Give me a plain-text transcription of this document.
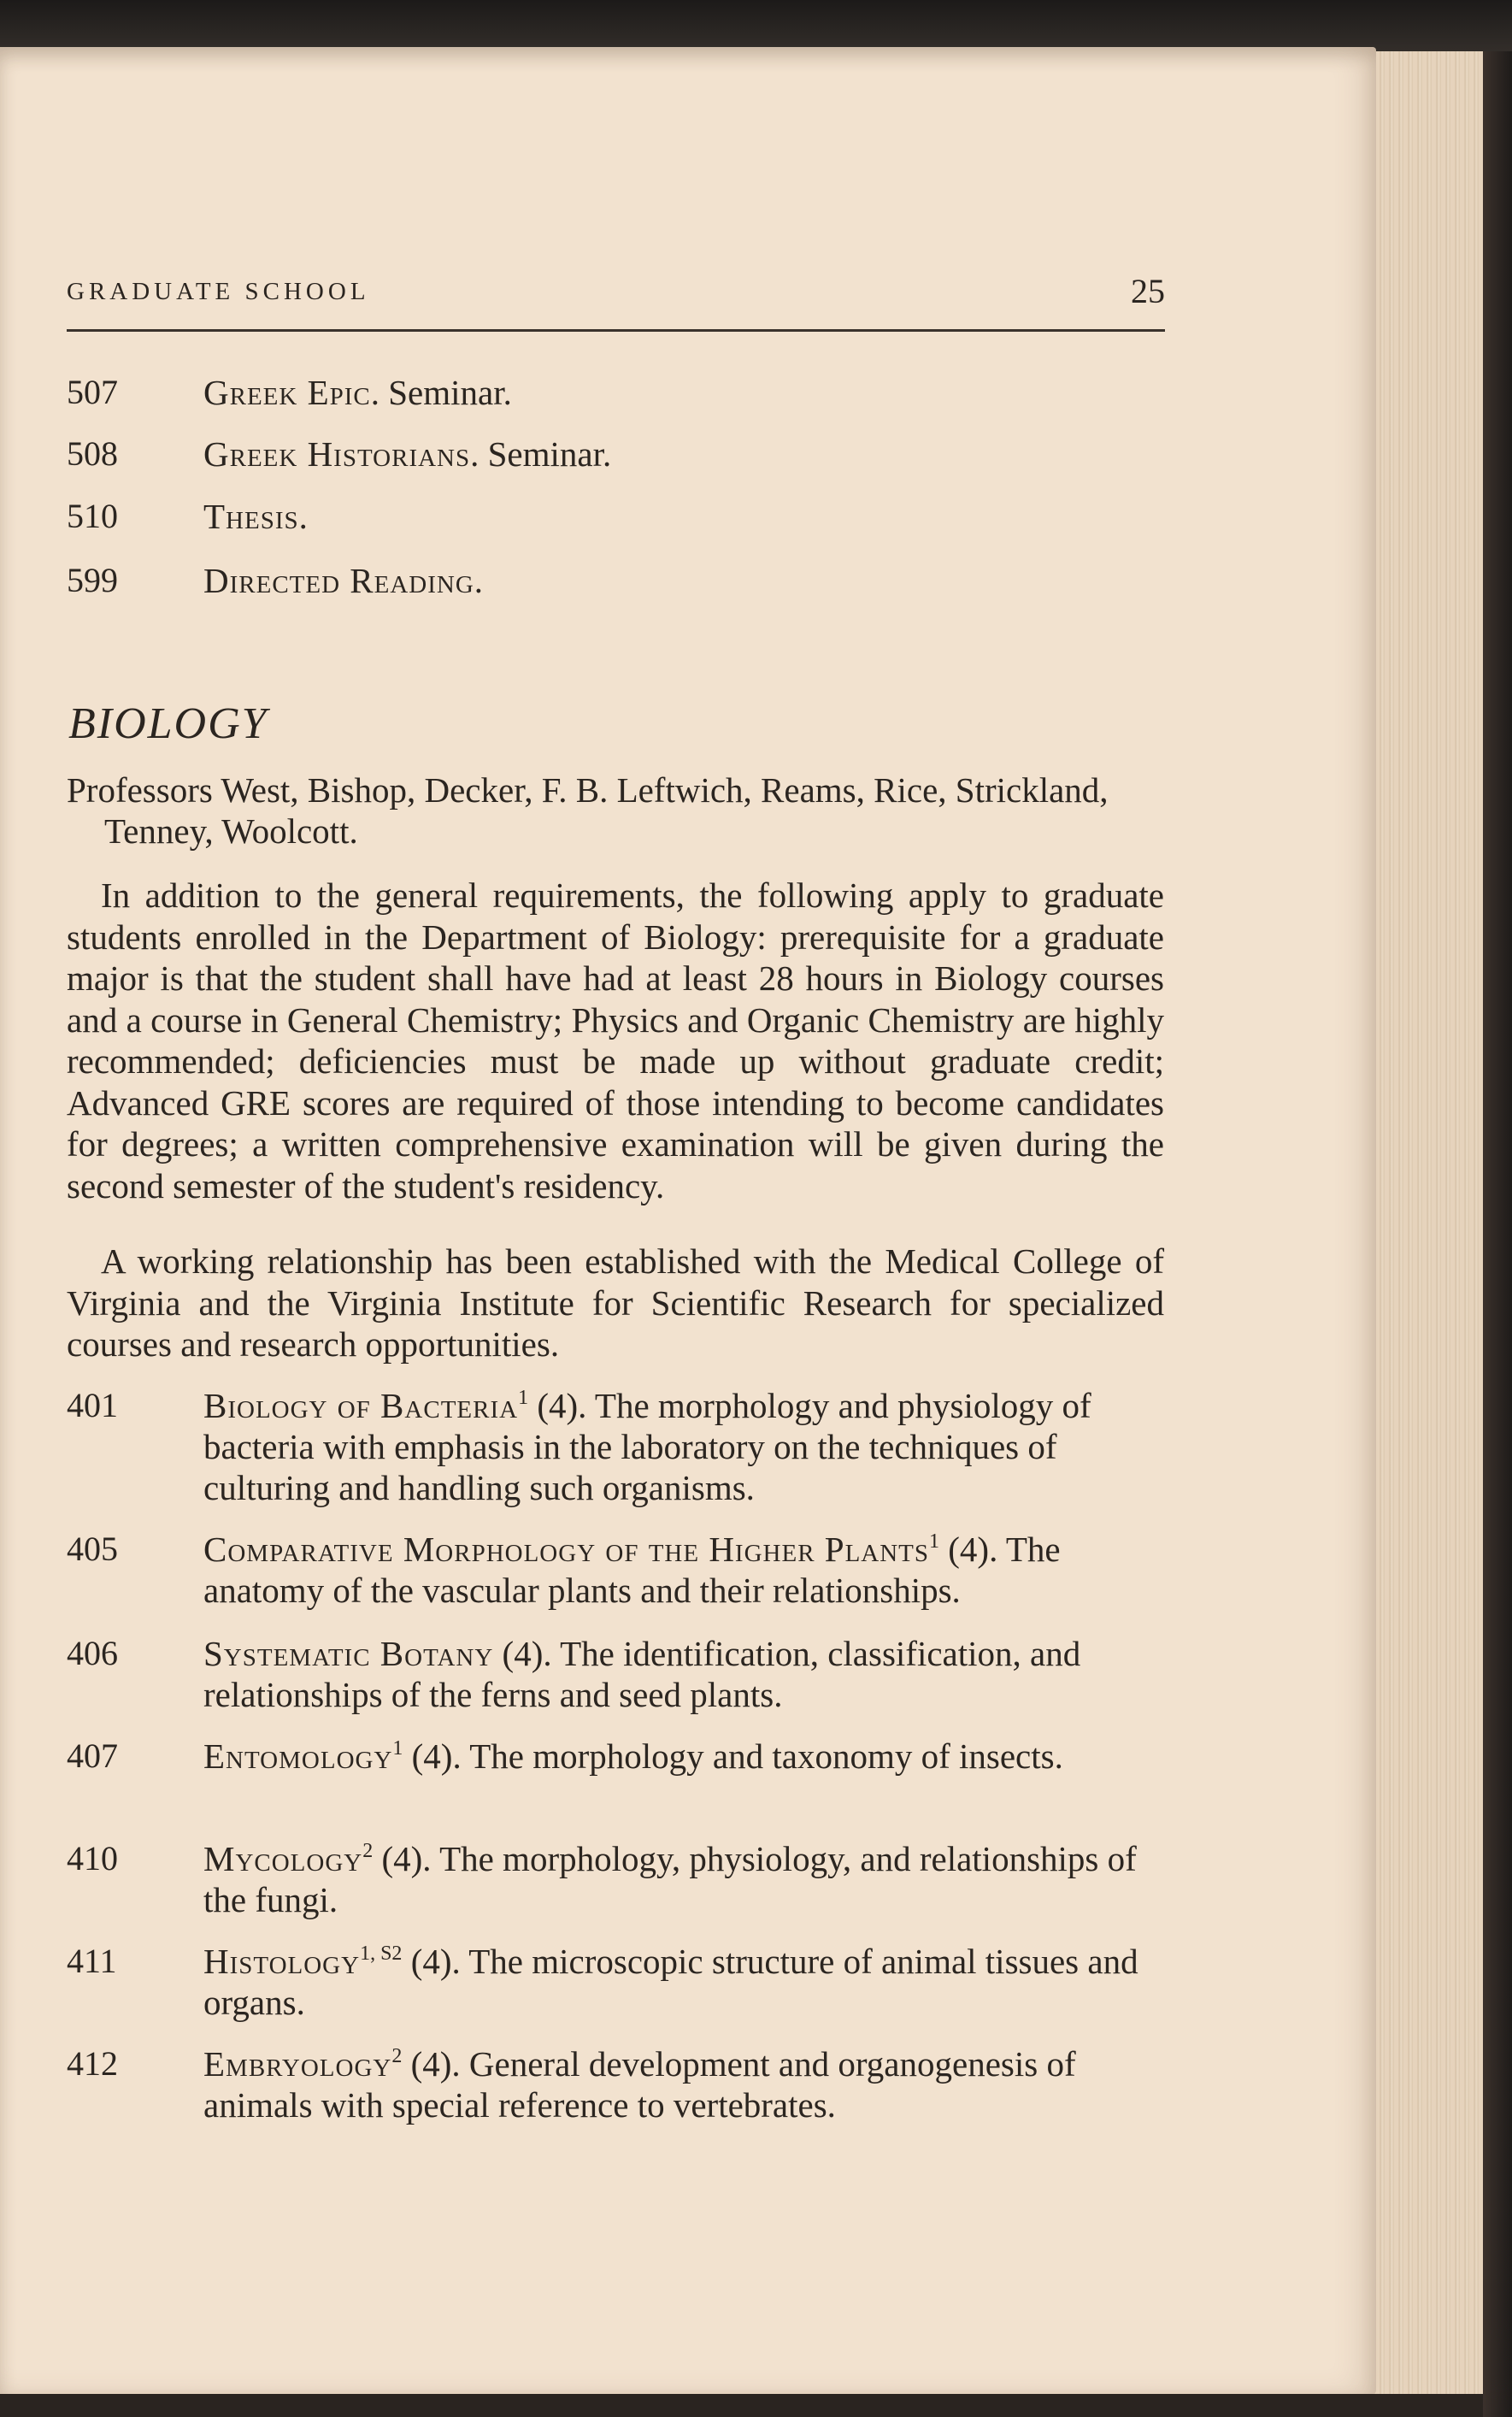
GRADUATE SCHOOL	25
507 Greek Epic. Seminar.
508 Greek Historians. Seminar.
510 Thesis.
599 Directed Reading.
BIOLOGY
Professors West, Bishop, Decker, F. B. Leftwich, Reams, Rice, Strickland, Tenney, Woolcott.
In addition to the general requirements, the following apply to graduate students enrolled in the Department of Biology: prerequisite for a graduate major is that the student shall have had at least 28 hours in Biology courses and a course in General Chemistry; Physics and Organic Chemistry are highly recommended; deficiencies must be made up without graduate credit; Advanced GRE scores are required of those intending to become candidates for degrees; a written comprehensive examination will be given during the second semester of the student's residency.
A working relationship has been established with the Medical College of Virginia and the Virginia Institute for Scientific Research for specialized courses and research opportunities.
401 Biology of Bacteria$^1$ (4). The morphology and physiology of bacteria with emphasis in the laboratory on the techniques of culturing and handling such organisms.
405 Comparative Morphology of the Higher Plants$^1$ (4). The anatomy of the vascular plants and their relationships.
406 Systematic Botany (4). The identification, classification, and relationships of the ferns and seed plants.
407 Entomology$^1$ (4). The morphology and taxonomy of insects.
410 Mycology$^2$ (4). The morphology, physiology, and relationships of the fungi.
411 Histology$^{1, S2}$ (4). The microscopic structure of animal tissues and organs.
412 Embryology$^2$ (4). General development and organogenesis of animals with special reference to vertebrates.
